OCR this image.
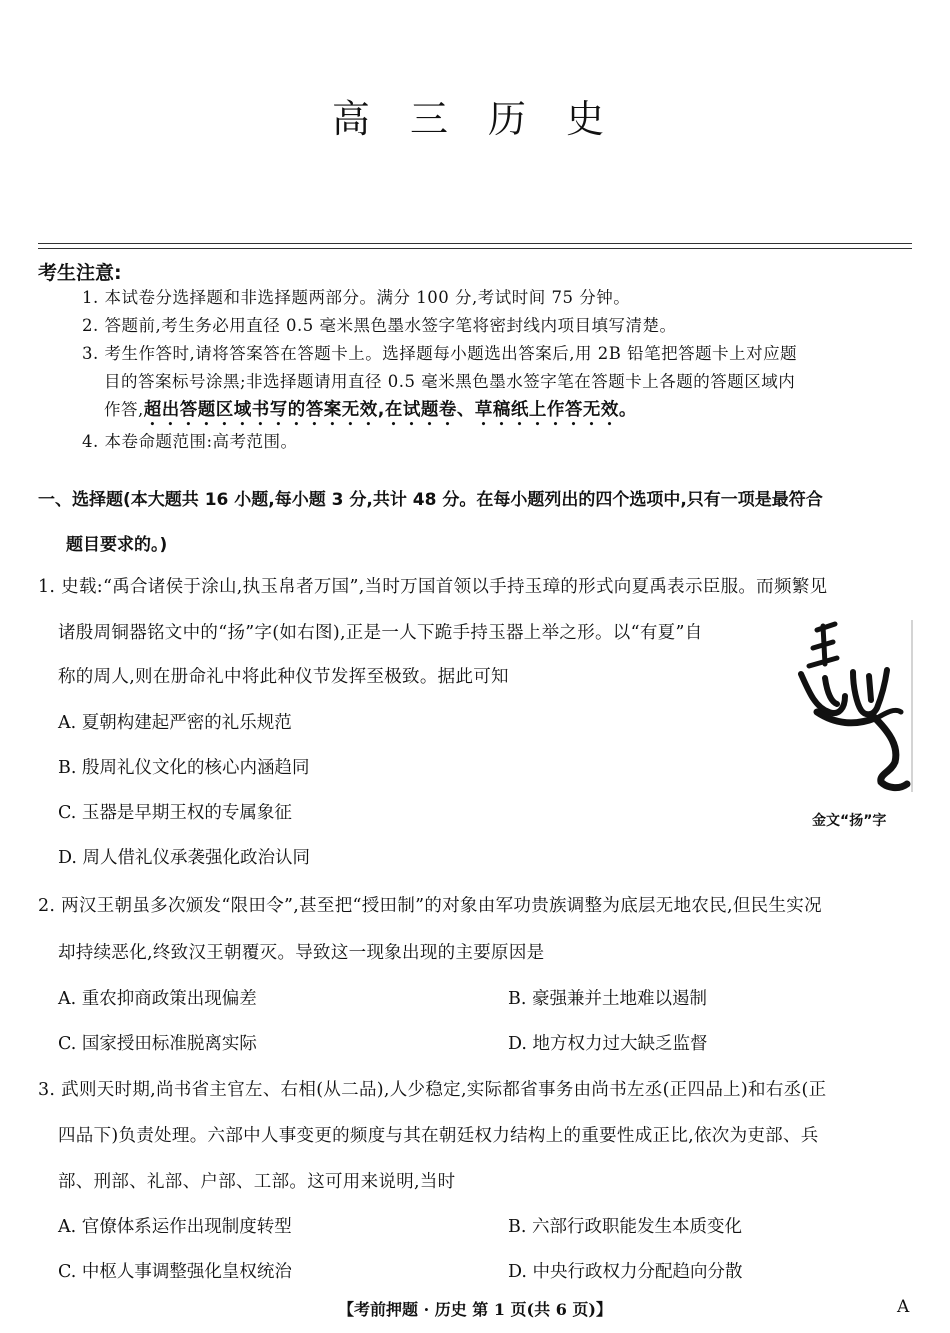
高 三 历 史
考生注意:
1. 本试卷分选择题和非选择题两部分。满分 100 分,考试时间 75 分钟。
2. 答题前,考生务必用直径 0.5 毫米黑色墨水签字笔将密封线内项目填写清楚。
3. 考生作答时,请将答案答在答题卡上。选择题每小题选出答案后,用 2B 铅笔把答题卡上对应题
目的答案标号涂黑;非选择题请用直径 0.5 毫米黑色墨水签字笔在答题卡上各题的答题区域内
作答,超出答题区域书写的答案无效,在试题卷、草稿纸上作答无效。
4. 本卷命题范围:高考范围。
一、选择题(本大题共 16 小题,每小题 3 分,共计 48 分。在每小题列出的四个选项中,只有一项是最符合
题目要求的。)
1. 史载:“禹合诸侯于涂山,执玉帛者万国”,当时万国首领以手持玉璋的形式向夏禹表示臣服。而频繁见
诸殷周铜器铭文中的“扬”字(如右图),正是一人下跪手持玉器上举之形。以“有夏”自
称的周人,则在册命礼中将此种仪节发挥至极致。据此可知
A. 夏朝构建起严密的礼乐规范
B. 殷周礼仪文化的核心内涵趋同
C. 玉器是早期王权的专属象征
D. 周人借礼仪承袭强化政治认同
金文“扬”字
2. 两汉王朝虽多次颁发“限田令”,甚至把“授田制”的对象由军功贵族调整为底层无地农民,但民生实况
却持续恶化,终致汉王朝覆灭。导致这一现象出现的主要原因是
A. 重农抑商政策出现偏差	B. 豪强兼并土地难以遏制
C. 国家授田标准脱离实际	D. 地方权力过大缺乏监督
3. 武则天时期,尚书省主官左、右相(从二品),人少稳定,实际都省事务由尚书左丞(正四品上)和右丞(正
四品下)负责处理。六部中人事变更的频度与其在朝廷权力结构上的重要性成正比,依次为吏部、兵
部、刑部、礼部、户部、工部。这可用来说明,当时
A. 官僚体系运作出现制度转型	B. 六部行政职能发生本质变化
C. 中枢人事调整强化皇权统治	D. 中央行政权力分配趋向分散
【考前押题 · 历史 第 1 页(共 6 页)】	A
